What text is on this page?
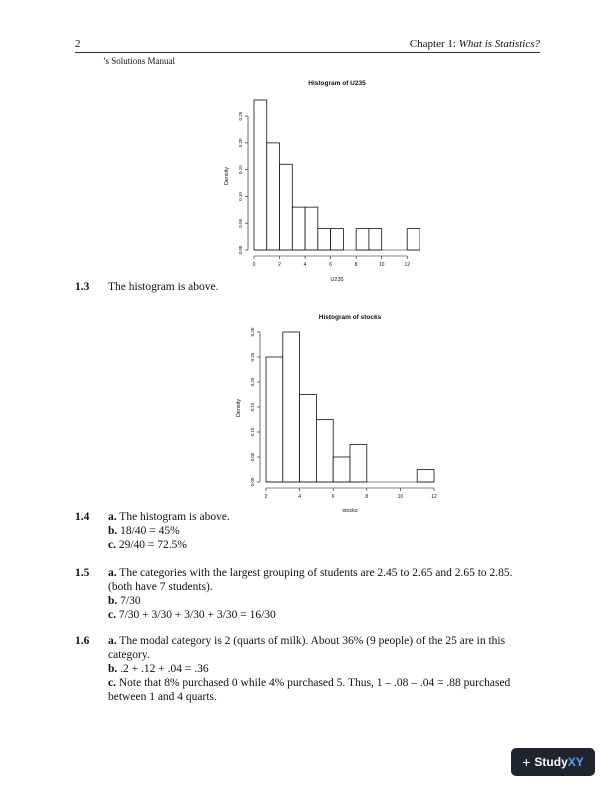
2	Chapter 1: What is Statistics?
’s Solutions Manual
Histogram of U235
0	2	4	6	8	10	12
0.00
0.05
0.10
0.15
0.20
0.25
U235
Density
1.3 The histogram is above.
Histogram of stocks
2	4	6	8	10	12
0.00
0.05
0.10
0.15
0.20
0.25
0.30
stocks
Density
1.4 a. The histogram is above.
b. 18/40 = 45%
c. 29/40 = 72.5%
1.5 a. The categories with the largest grouping of students are 2.45 to 2.65 and 2.65 to 2.85.
(both have 7 students).
b. 7/30
c. 7/30 + 3/30 + 3/30 + 3/30 = 16/30
1.6 a. The modal category is 2 (quarts of milk). About 36% (9 people) of the 25 are in this
category.
b. .2 + .12 + .04 = .36
c. Note that 8% purchased 0 while 4% purchased 5. Thus, 1 – .08 – .04 = .88 purchased
between 1 and 4 quarts.
+ Study XY
